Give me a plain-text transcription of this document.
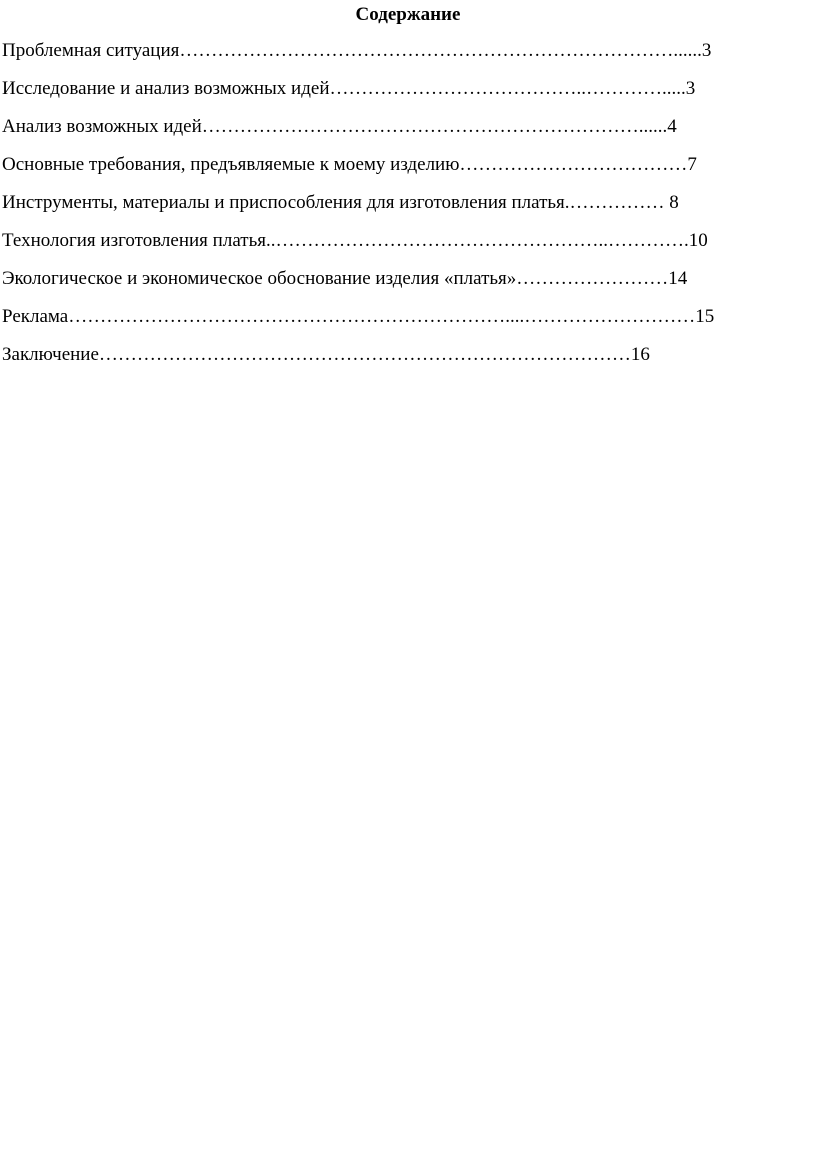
Содержание
Проблемная ситуация……………………………………………………………………......3
Исследование и анализ возможных идей…………………………………..………….....3
Анализ возможных идей……………………………………………………………......4
Основные требования, предъявляемые к моему изделию………………………………7
Инструменты, материалы и приспособления для изготовления платья.…………… 8
Технология изготовления платья..……………………………………………..………….10
Экологическое и экономическое обоснование изделия «платья»……………………14
Реклама……………………………………………………………....………………………15
Заключение…………………………………………………………………………16
